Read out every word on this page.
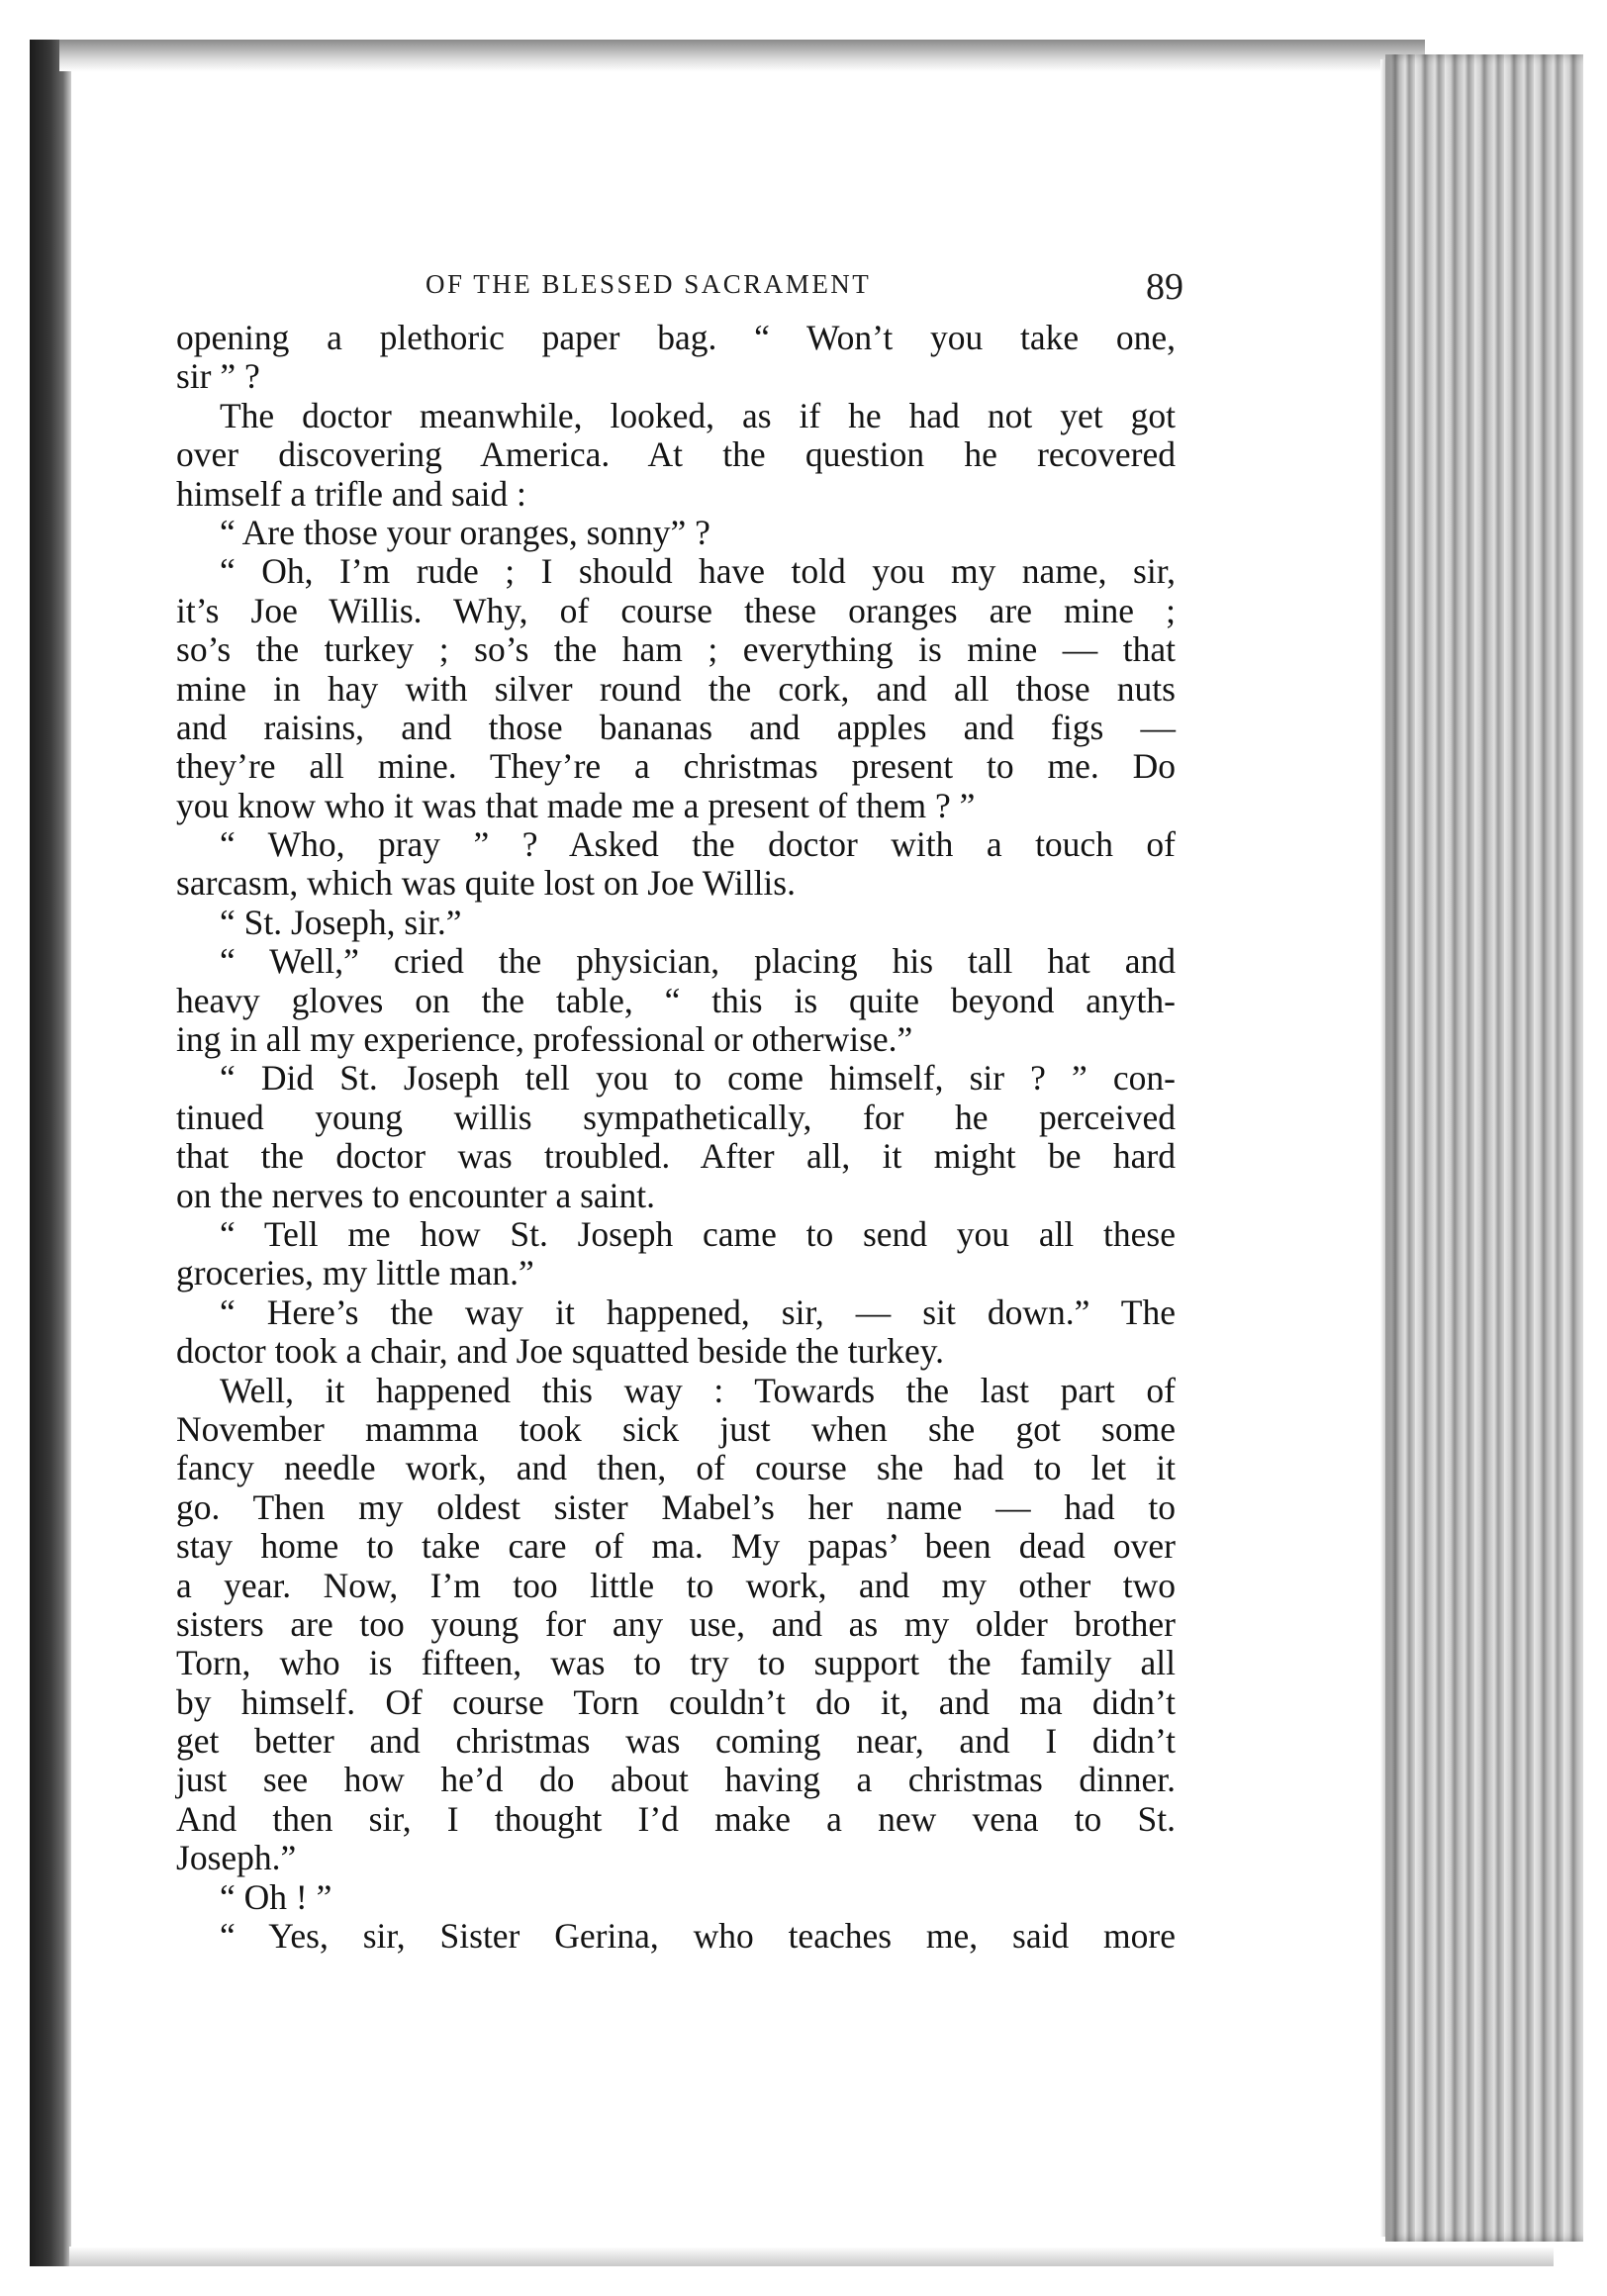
OF THE BLESSED SACRAMENT	89
opening a plethoric paper bag. “ Won’t you take one,
sir ” ?
The doctor meanwhile, looked, as if he had not yet got
over discovering America. At the question he recovered
himself a trifle and said :
“ Are those your oranges, sonny” ?
“ Oh, I’m rude ; I should have told you my name, sir,
it’s Joe Willis. Why, of course these oranges are mine ;
so’s the turkey ; so’s the ham ; everything is mine — that
mine in hay with silver round the cork, and all those nuts
and raisins, and those bananas and apples and figs —
they’re all mine. They’re a christmas present to me. Do
you know who it was that made me a present of them ? ”
“ Who, pray ” ? Asked the doctor with a touch of
sarcasm, which was quite lost on Joe Willis.
“ St. Joseph, sir.”
“ Well,” cried the physician, placing his tall hat and
heavy gloves on the table, “ this is quite beyond anyth-
ing in all my experience, professional or otherwise.”
“ Did St. Joseph tell you to come himself, sir ? ” con-
tinued young willis sympathetically, for he perceived
that the doctor was troubled. After all, it might be hard
on the nerves to encounter a saint.
“ Tell me how St. Joseph came to send you all these
groceries, my little man.”
“ Here’s the way it happened, sir, — sit down.” The
doctor took a chair, and Joe squatted beside the turkey.
Well, it happened this way : Towards the last part of
November mamma took sick just when she got some
fancy needle work, and then, of course she had to let it
go. Then my oldest sister Mabel’s her name — had to
stay home to take care of ma. My papas’ been dead over
a year. Now, I’m too little to work, and my other two
sisters are too young for any use, and as my older brother
Torn, who is fifteen, was to try to support the family all
by himself. Of course Torn couldn’t do it, and ma didn’t
get better and christmas was coming near, and I didn’t
just see how he’d do about having a christmas dinner.
And then sir, I thought I’d make a new vena to St.
Joseph.”
“ Oh ! ”
“ Yes, sir, Sister Gerina, who teaches me, said more
